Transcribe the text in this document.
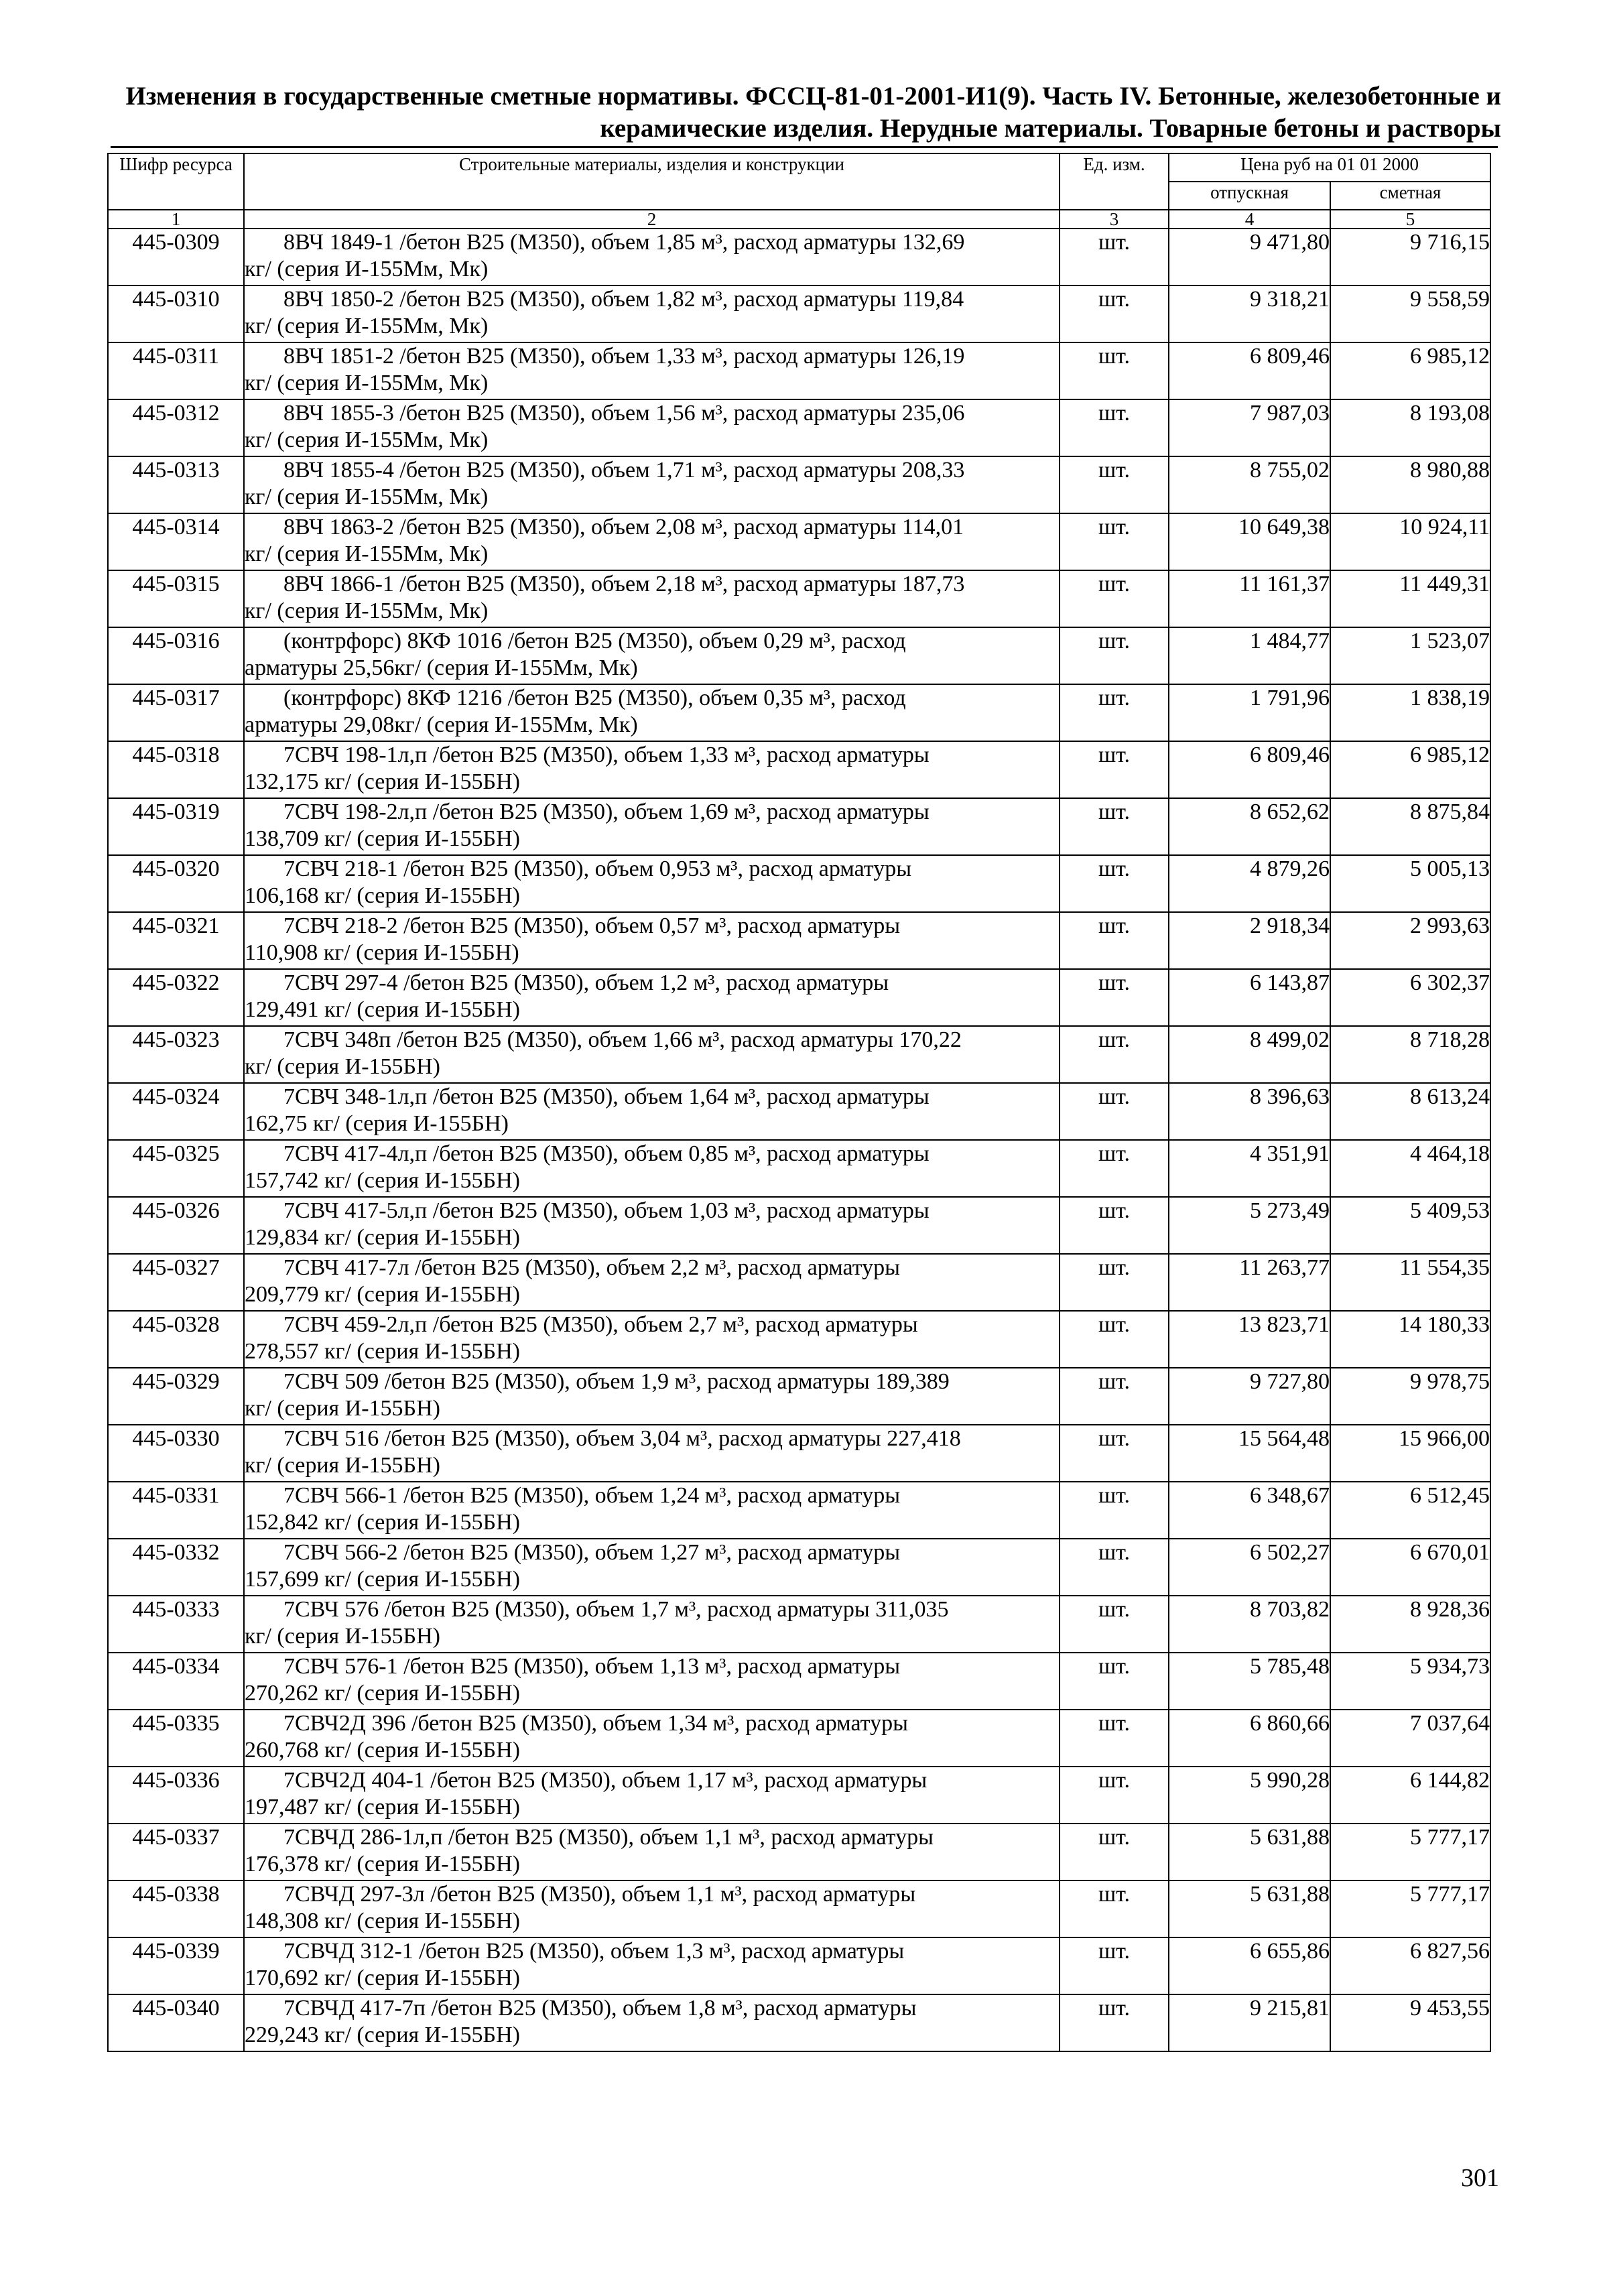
Изменения в государственные сметные нормативы. ФССЦ-81-01-2001-И1(9). Часть IV. Бетонные, железобетонные и
керамические изделия. Нерудные материалы. Товарные бетоны и растворы
Шифр ресурса	Строительные материалы, изделия и конструкции	Ед. изм.	Цена руб на 01 01 2000	
			отпускная	сметная
1	2	3	4	5
445-0309	8ВЧ 1849-1 /бетон В25 (М350), объем 1,85 м³, расход арматуры 132,69
кг/ (серия И-155Мм, Мк)	шт.	9 471,80	9 716,15
445-0310	8ВЧ 1850-2 /бетон В25 (М350), объем 1,82 м³, расход арматуры 119,84
кг/ (серия И-155Мм, Мк)	шт.	9 318,21	9 558,59
445-0311	8ВЧ 1851-2 /бетон В25 (М350), объем 1,33 м³, расход арматуры 126,19
кг/ (серия И-155Мм, Мк)	шт.	6 809,46	6 985,12
445-0312	8ВЧ 1855-3 /бетон В25 (М350), объем 1,56 м³, расход арматуры 235,06
кг/ (серия И-155Мм, Мк)	шт.	7 987,03	8 193,08
445-0313	8ВЧ 1855-4 /бетон В25 (М350), объем 1,71 м³, расход арматуры 208,33
кг/ (серия И-155Мм, Мк)	шт.	8 755,02	8 980,88
445-0314	8ВЧ 1863-2 /бетон В25 (М350), объем 2,08 м³, расход арматуры 114,01
кг/ (серия И-155Мм, Мк)	шт.	10 649,38	10 924,11
445-0315	8ВЧ 1866-1 /бетон В25 (М350), объем 2,18 м³, расход арматуры 187,73
кг/ (серия И-155Мм, Мк)	шт.	11 161,37	11 449,31
445-0316	(контрфорс) 8КФ 1016 /бетон В25 (М350), объем 0,29 м³, расход
арматуры 25,56кг/ (серия И-155Мм, Мк)	шт.	1 484,77	1 523,07
445-0317	(контрфорс) 8КФ 1216 /бетон В25 (М350), объем 0,35 м³, расход
арматуры 29,08кг/ (серия И-155Мм, Мк)	шт.	1 791,96	1 838,19
445-0318	7СВЧ 198-1л,п /бетон В25 (М350), объем 1,33 м³, расход арматуры
132,175 кг/ (серия И-155БН)	шт.	6 809,46	6 985,12
445-0319	7СВЧ 198-2л,п /бетон В25 (М350), объем 1,69 м³, расход арматуры
138,709 кг/ (серия И-155БН)	шт.	8 652,62	8 875,84
445-0320	7СВЧ 218-1 /бетон В25 (М350), объем 0,953 м³, расход арматуры
106,168 кг/ (серия И-155БН)	шт.	4 879,26	5 005,13
445-0321	7СВЧ 218-2 /бетон В25 (М350), объем 0,57 м³, расход арматуры
110,908 кг/ (серия И-155БН)	шт.	2 918,34	2 993,63
445-0322	7СВЧ 297-4 /бетон В25 (М350), объем 1,2 м³, расход арматуры
129,491 кг/ (серия И-155БН)	шт.	6 143,87	6 302,37
445-0323	7СВЧ 348п /бетон В25 (М350), объем 1,66 м³, расход арматуры 170,22
кг/ (серия И-155БН)	шт.	8 499,02	8 718,28
445-0324	7СВЧ 348-1л,п /бетон В25 (М350), объем 1,64 м³, расход арматуры
162,75 кг/ (серия И-155БН)	шт.	8 396,63	8 613,24
445-0325	7СВЧ 417-4л,п /бетон В25 (М350), объем 0,85 м³, расход арматуры
157,742 кг/ (серия И-155БН)	шт.	4 351,91	4 464,18
445-0326	7СВЧ 417-5л,п /бетон В25 (М350), объем 1,03 м³, расход арматуры
129,834 кг/ (серия И-155БН)	шт.	5 273,49	5 409,53
445-0327	7СВЧ 417-7л /бетон В25 (М350), объем 2,2 м³, расход арматуры
209,779 кг/ (серия И-155БН)	шт.	11 263,77	11 554,35
445-0328	7СВЧ 459-2л,п /бетон В25 (М350), объем 2,7 м³, расход арматуры
278,557 кг/ (серия И-155БН)	шт.	13 823,71	14 180,33
445-0329	7СВЧ 509 /бетон В25 (М350), объем 1,9 м³, расход арматуры 189,389
кг/ (серия И-155БН)	шт.	9 727,80	9 978,75
445-0330	7СВЧ 516 /бетон В25 (М350), объем 3,04 м³, расход арматуры 227,418
кг/ (серия И-155БН)	шт.	15 564,48	15 966,00
445-0331	7СВЧ 566-1 /бетон В25 (М350), объем 1,24 м³, расход арматуры
152,842 кг/ (серия И-155БН)	шт.	6 348,67	6 512,45
445-0332	7СВЧ 566-2 /бетон В25 (М350), объем 1,27 м³, расход арматуры
157,699 кг/ (серия И-155БН)	шт.	6 502,27	6 670,01
445-0333	7СВЧ 576 /бетон В25 (М350), объем 1,7 м³, расход арматуры 311,035
кг/ (серия И-155БН)	шт.	8 703,82	8 928,36
445-0334	7СВЧ 576-1 /бетон В25 (М350), объем 1,13 м³, расход арматуры
270,262 кг/ (серия И-155БН)	шт.	5 785,48	5 934,73
445-0335	7СВЧ2Д 396 /бетон В25 (М350), объем 1,34 м³, расход арматуры
260,768 кг/ (серия И-155БН)	шт.	6 860,66	7 037,64
445-0336	7СВЧ2Д 404-1 /бетон В25 (М350), объем 1,17 м³, расход арматуры
197,487 кг/ (серия И-155БН)	шт.	5 990,28	6 144,82
445-0337	7СВЧД 286-1л,п /бетон В25 (М350), объем 1,1 м³, расход арматуры
176,378 кг/ (серия И-155БН)	шт.	5 631,88	5 777,17
445-0338	7СВЧД 297-3л /бетон В25 (М350), объем 1,1 м³, расход арматуры
148,308 кг/ (серия И-155БН)	шт.	5 631,88	5 777,17
445-0339	7СВЧД 312-1 /бетон В25 (М350), объем 1,3 м³, расход арматуры
170,692 кг/ (серия И-155БН)	шт.	6 655,86	6 827,56
445-0340	7СВЧД 417-7п /бетон В25 (М350), объем 1,8 м³, расход арматуры
229,243 кг/ (серия И-155БН)	шт.	9 215,81	9 453,55
301
